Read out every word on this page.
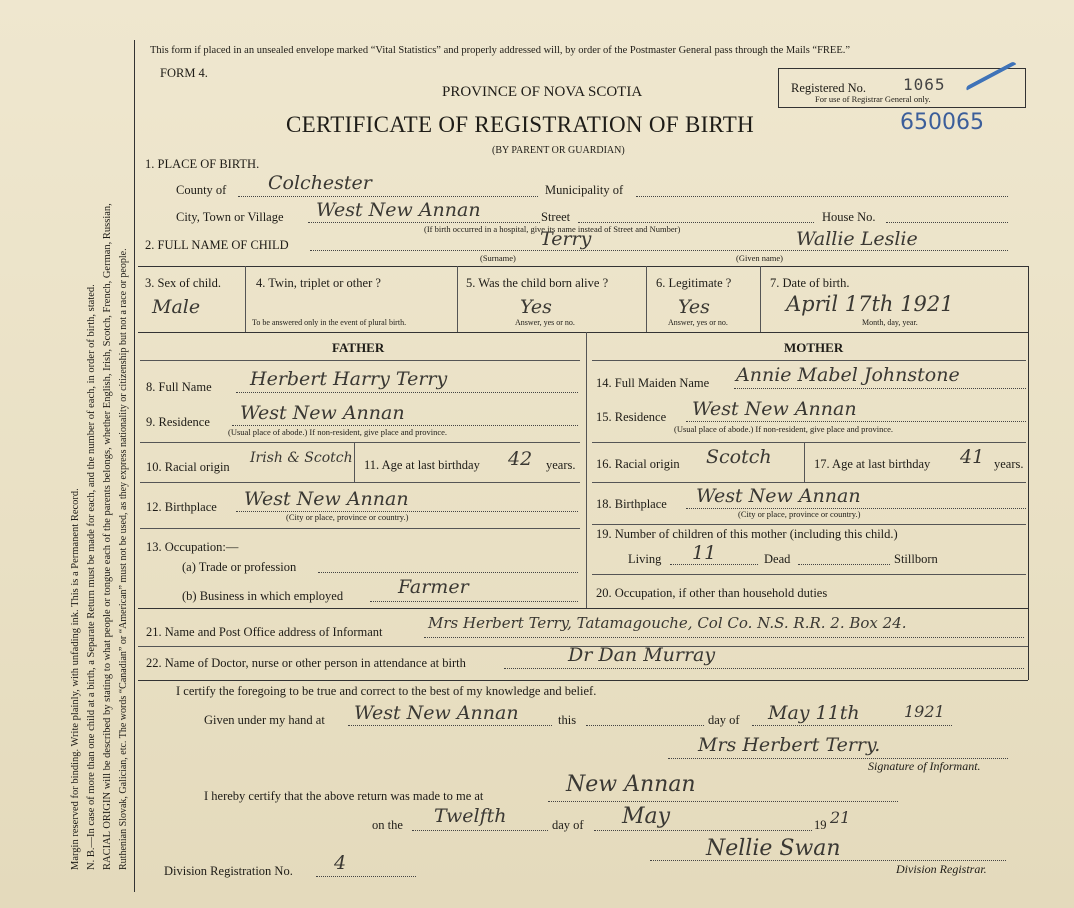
Margin reserved for binding. Write plainly, with unfading ink. This is a Permanent Record. N. B.—In case of more than one child at a birth, a Separate Return must be made for each, and the number of each, in order of birth, stated. RACIAL ORIGIN will be described by stating to what people or tongue each of the parents belongs, whether English, Irish, Scotch, French, German, Russian, Ruthenian Slovak, Galician, etc. The words “Canadian” or “American” must not be used, as they express nationality or citizenship but not a race or people.
This form if placed in an unsealed envelope marked “Vital Statistics” and properly addressed will, by order of the Postmaster General pass through the Mails “FREE.”
FORM 4.
PROVINCE OF NOVA SCOTIA
CERTIFICATE OF REGISTRATION OF BIRTH
(BY PARENT OR GUARDIAN)
650065
Registered No. 1065
For use of Registrar General only.
1. PLACE OF BIRTH.
County of Colchester	Municipality of
City, Town or Village West New Annan	Street	House No.
(If birth occurred in a hospital, give its name instead of Street and Number)
2. FULL NAME OF CHILD	Terry	Wallie Leslie
(Surname)	(Given name)
3. Sex of child.
Male
4. Twin, triplet or other ?
To be answered only in the event of plural birth.
5. Was the child born alive ?
Yes
Answer, yes or no.
6. Legitimate ?
Yes
Answer, yes or no.
7. Date of birth.
April 17th 1921
Month, day, year.
FATHER	MOTHER
8. Full Name Herbert Harry Terry
9. Residence West New Annan
(Usual place of abode.) If non-resident, give place and province.
10. Racial origin
Irish & Scotch 11. Age at last birthday 42 years.
12. Birthplace West New Annan
(City or place, province or country.)
13. Occupation:—
(a) Trade or profession
(b) Business in which employed	Farmer
14. Full Maiden Name Annie Mabel Johnstone
15. Residence West New Annan
(Usual place of abode.) If non-resident, give place and province.
16. Racial origin Scotch	17. Age at last birthday 41 years.
18. Birthplace West New Annan
(City or place, province or country.)
19. Number of children of this mother (including this child.)
Living 11	Dead	Stillborn
20. Occupation, if other than household duties
21. Name and Post Office address of Informant	Mrs Herbert Terry, Tatamagouche, Col Co. N.S. R.R. 2. Box 24.
22. Name of Doctor, nurse or other person in attendance at birth	Dr Dan Murray
I certify the foregoing to be true and correct to the best of my knowledge and belief.
Given under my hand at West New Annan	this	day of May 11th	1921
Mrs Herbert Terry.
Signature of Informant.
I hereby certify that the above return was made to me at	New Annan
on the Twelfth	day of May	19 21
Nellie Swan
Division Registrar.
Division Registration No. 4
